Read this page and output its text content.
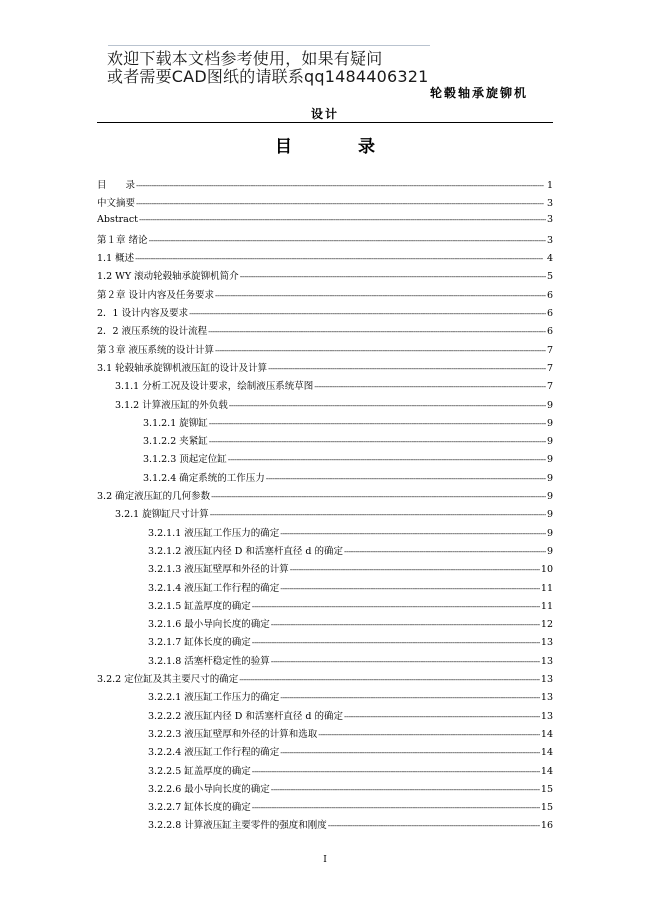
欢迎下载本文档参考使用，如果有疑问
或者需要CAD图纸的请联系qq1484406321
轮毂轴承旋铆机
设计
目 录
目　　录 -----	1
中文摘要 -----	3
Abstract -----	3
第１章 绪论 -----	3
1.1 概述 -----	4
1.2 WY 滚动轮毂轴承旋铆机简介 -----	5
第２章 设计内容及任务要求 -----	6
2．1 设计内容及要求 -----	6
2．2 液压系统的设计流程 -----	6
第３章 液压系统的设计计算 -----	7
3.1 轮毂轴承旋铆机液压缸的设计及计算 -----	7
3.1.1 分析工况及设计要求，绘制液压系统草图 -----	7
3.1.2 计算液压缸的外负载 -----	9
3.1.2.1 旋铆缸 -----	9
3.1.2.2 夹紧缸 -----	9
3.1.2.3 顶起定位缸 -----	9
3.1.2.4 确定系统的工作压力 -----	9
3.2 确定液压缸的几何参数 -----	9
3.2.1 旋铆缸尺寸计算 -----	9
3.2.1.1 液压缸工作压力的确定 -----	9
3.2.1.2 液压缸内径 D 和活塞杆直径 d 的确定 -----	9
3.2.1.3 液压缸壁厚和外径的计算 -----	10
3.2.1.4 液压缸工作行程的确定 -----	11
3.2.1.5 缸盖厚度的确定 -----	11
3.2.1.6 最小导向长度的确定 -----	12
3.2.1.7 缸体长度的确定 -----	13
3.2.1.8 活塞杆稳定性的验算 -----	13
3.2.2 定位缸及其主要尺寸的确定 -----	13
3.2.2.1 液压缸工作压力的确定 -----	13
3.2.2.2 液压缸内径 D 和活塞杆直径 d 的确定 -----	13
3.2.2.3 液压缸壁厚和外径的计算和选取 -----	14
3.2.2.4 液压缸工作行程的确定 -----	14
3.2.2.5 缸盖厚度的确定 -----	14
3.2.2.6 最小导向长度的确定 -----	15
3.2.2.7 缸体长度的确定 -----	15
3.2.2.8 计算液压缸主要零件的强度和刚度 -----	16
I
